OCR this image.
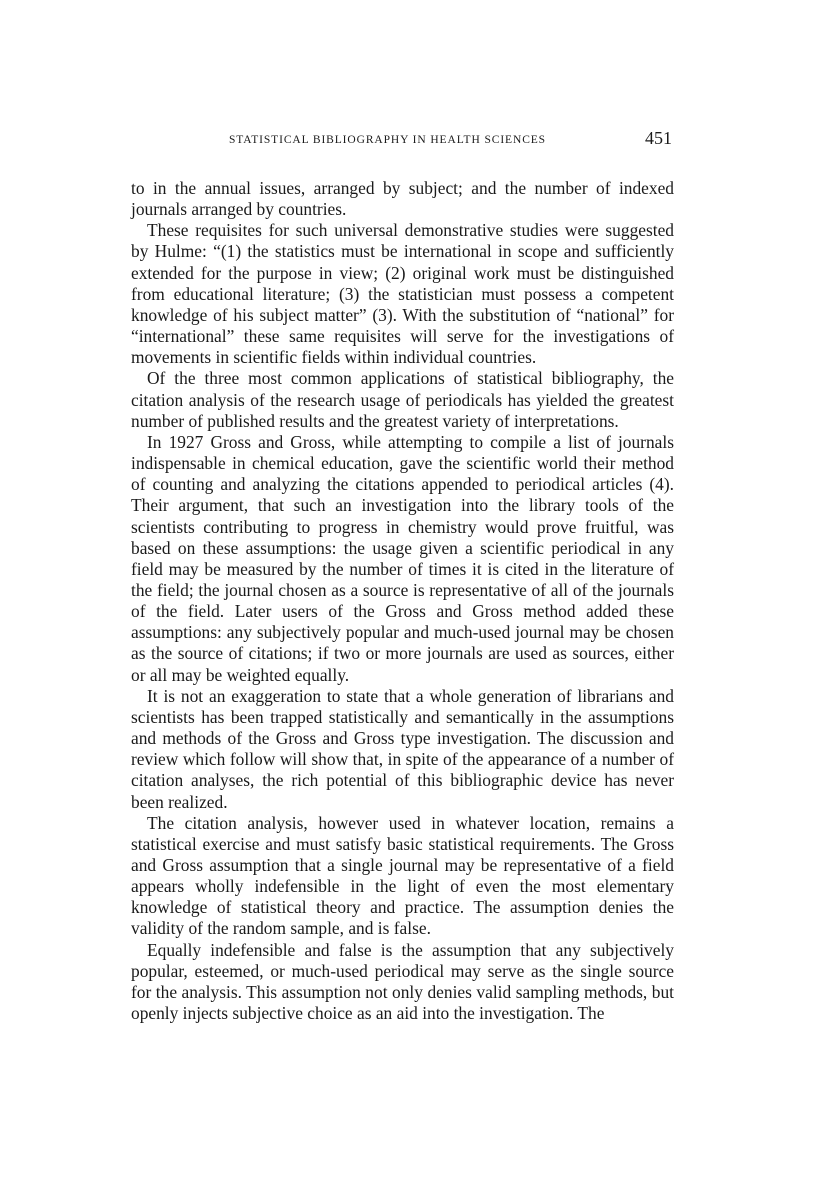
STATISTICAL BIBLIOGRAPHY IN HEALTH SCIENCES	451

to in the annual issues, arranged by subject; and the number of indexed journals arranged by countries.

These requisites for such universal demonstrative studies were suggested by Hulme: “(1) the statistics must be international in scope and sufficiently extended for the purpose in view; (2) original work must be distinguished from educational literature; (3) the statistician must possess a competent knowledge of his subject matter” (3). With the substitution of “national” for “international” these same requisites will serve for the investigations of movements in scientific fields within individual countries.

Of the three most common applications of statistical bibliography, the citation analysis of the research usage of periodicals has yielded the greatest number of published results and the greatest variety of interpretations.

In 1927 Gross and Gross, while attempting to compile a list of journals indispensable in chemical education, gave the scientific world their method of counting and analyzing the citations appended to periodical articles (4). Their argument, that such an investigation into the library tools of the scientists contributing to progress in chemistry would prove fruitful, was based on these assumptions: the usage given a scientific periodical in any field may be measured by the number of times it is cited in the literature of the field; the journal chosen as a source is representative of all of the journals of the field. Later users of the Gross and Gross method added these assumptions: any subjectively popular and much-used journal may be chosen as the source of citations; if two or more journals are used as sources, either or all may be weighted equally.

It is not an exaggeration to state that a whole generation of librarians and scientists has been trapped statistically and semantically in the assumptions and methods of the Gross and Gross type investigation. The discussion and review which follow will show that, in spite of the appearance of a number of citation analyses, the rich potential of this bibliographic device has never been realized.

The citation analysis, however used in whatever location, remains a statistical exercise and must satisfy basic statistical requirements. The Gross and Gross assumption that a single journal may be representative of a field appears wholly indefensible in the light of even the most elementary knowledge of statistical theory and practice. The assumption denies the validity of the random sample, and is false.

Equally indefensible and false is the assumption that any subjectively popular, esteemed, or much-used periodical may serve as the single source for the analysis. This assumption not only denies valid sampling methods, but openly injects subjective choice as an aid into the investigation. The
